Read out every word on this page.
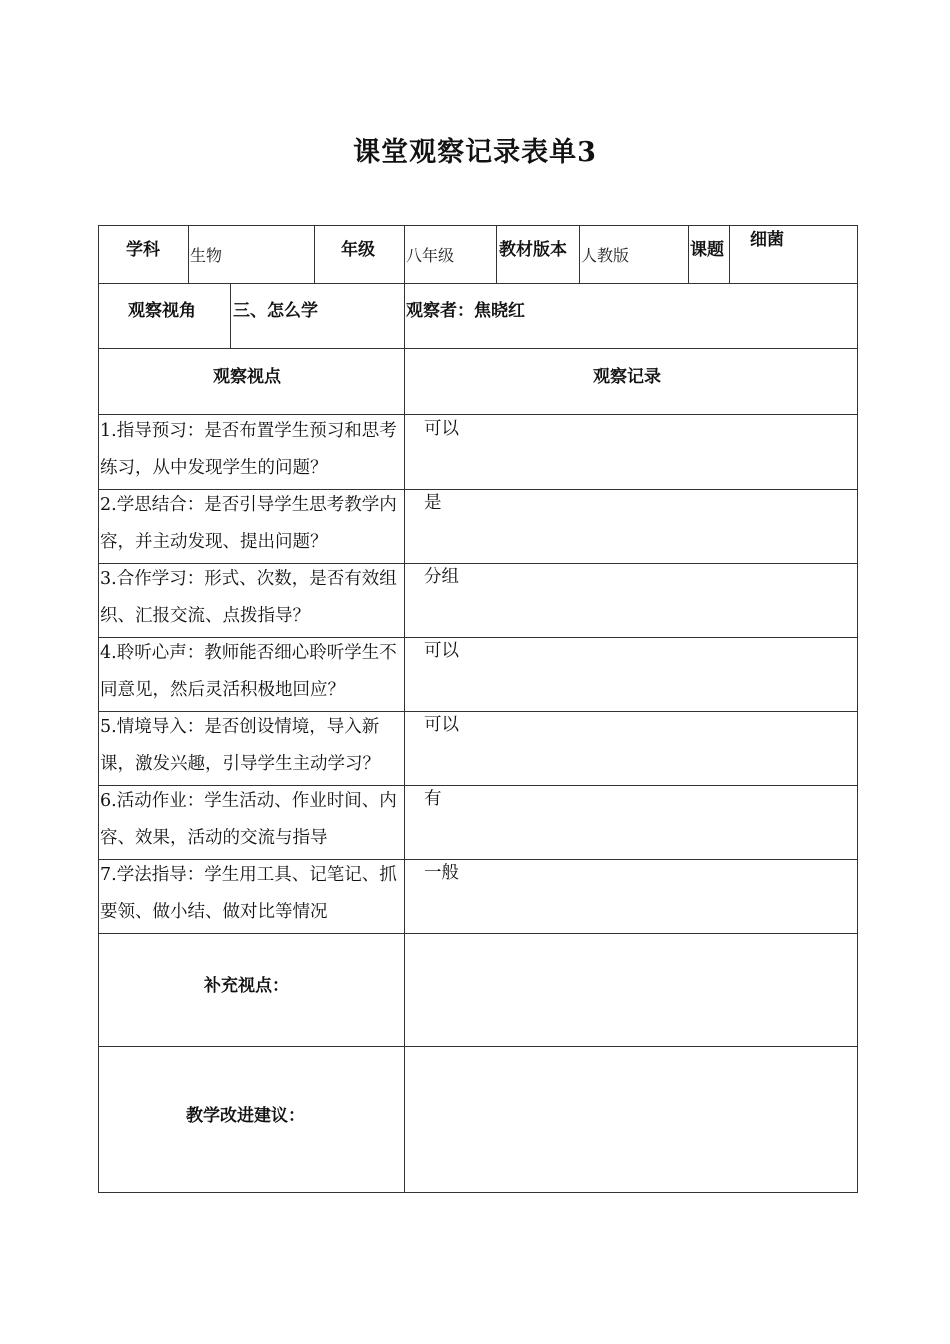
课堂观察记录表单3
学科 生物	年级 八年级	教材版本 人教版	课题 细菌
观察视角 三、怎么学	观察者：焦晓红
观察视点	观察记录
1.指导预习：是否布置学生预习和思考练习，从中发现学生的问题？
可以
2.学思结合：是否引导学生思考教学内容，并主动发现、提出问题？
是
3.合作学习：形式、次数，是否有效组织、汇报交流、点拨指导？
分组
4.聆听心声：教师能否细心聆听学生不同意见，然后灵活积极地回应？
可以
5.情境导入：是否创设情境，导入新课，激发兴趣，引导学生主动学习？
可以
6.活动作业：学生活动、作业时间、内容、效果，活动的交流与指导
有
7.学法指导：学生用工具、记笔记、抓要领、做小结、做对比等情况
一般
补充视点：
教学改进建议：
